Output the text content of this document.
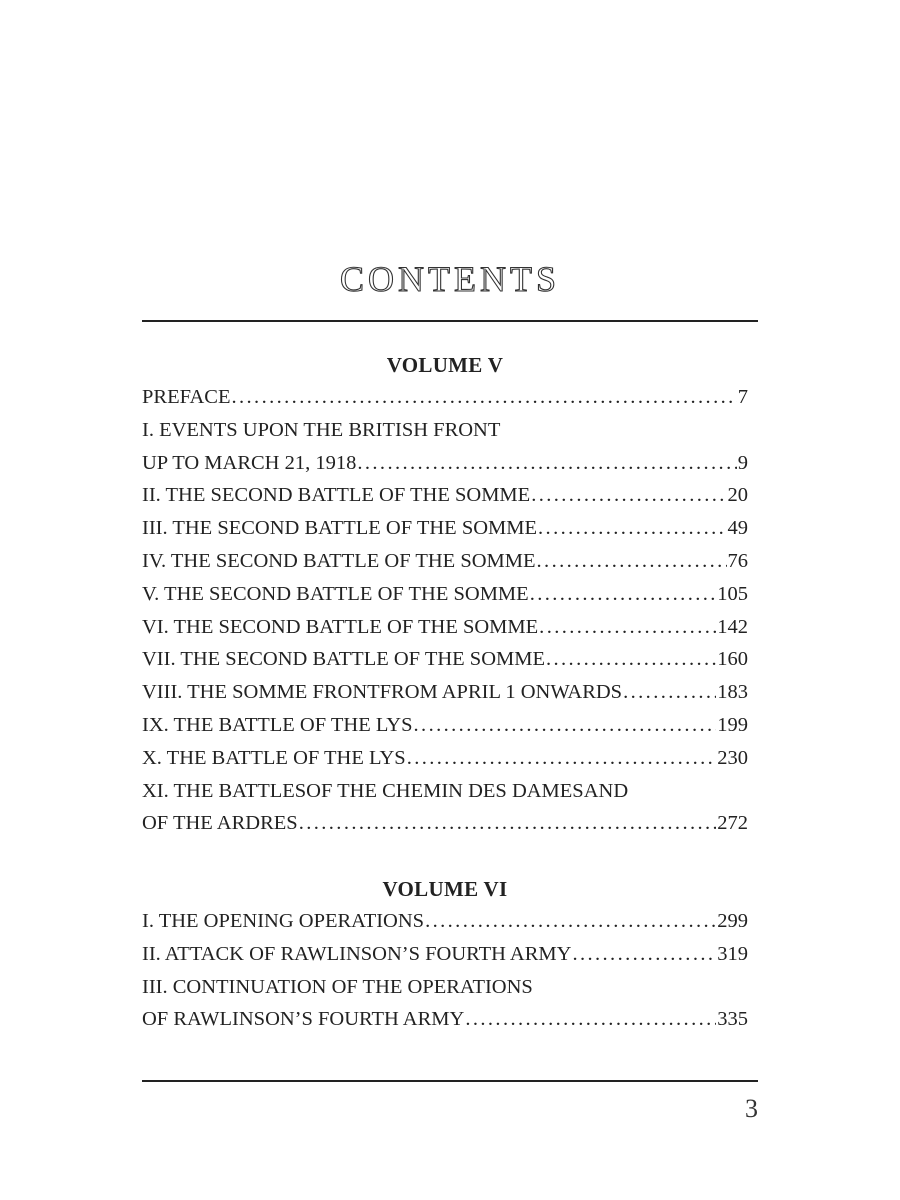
CONTENTS
VOLUME V
PREFACE .....	7
I. EVENTS UPON THE BRITISH FRONT
UP TO MARCH 21, 1918 .....	9
II. THE SECOND BATTLE OF THE SOMME .....	20
III. THE SECOND BATTLE OF THE SOMME .....	49
IV. THE SECOND BATTLE OF THE SOMME .....	76
V. THE SECOND BATTLE OF THE SOMME .....	105
VI. THE SECOND BATTLE OF THE SOMME .....	142
VII. THE SECOND BATTLE OF THE SOMME .....	160
VIII. THE SOMME FRONTFROM APRIL 1 ONWARDS .....	183
IX. THE BATTLE OF THE LYS .....	199
X. THE BATTLE OF THE LYS .....	230
XI. THE BATTLESOF THE CHEMIN DES DAMESAND
OF THE ARDRES .....	272
VOLUME VI
I. THE OPENING OPERATIONS .....	299
II. ATTACK OF RAWLINSON’S FOURTH ARMY .....	319
III. CONTINUATION OF THE OPERATIONS
OF RAWLINSON’S FOURTH ARMY .....	335
3
